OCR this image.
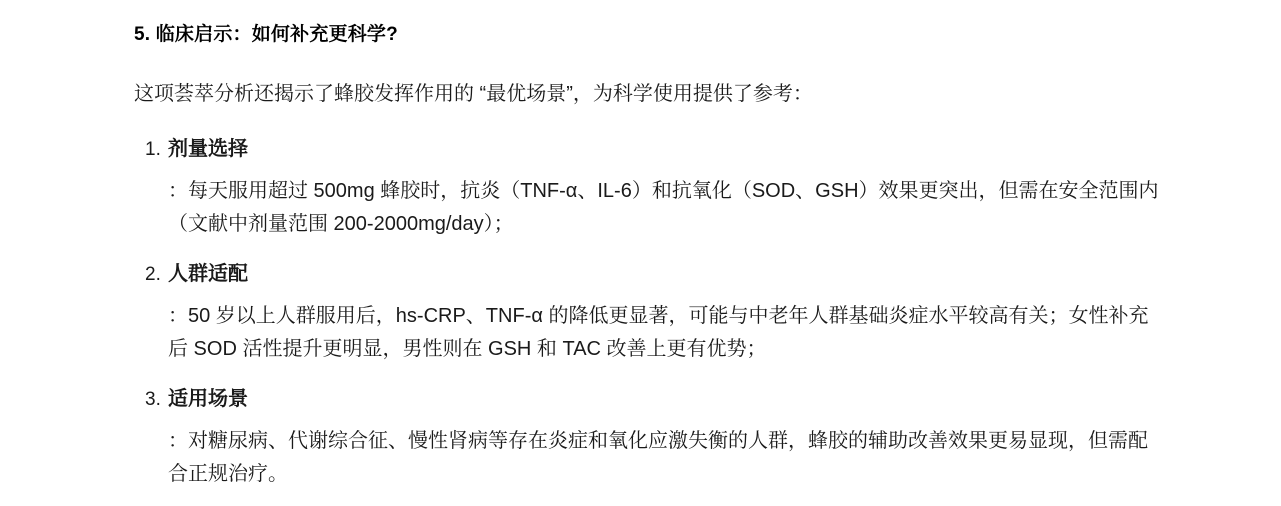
5. 临床启示：如何补充更科学?

这项荟萃分析还揭示了蜂胶发挥作用的 “最优场景”，为科学使用提供了参考：

1. 剂量选择
：每天服用超过 500mg 蜂胶时，抗炎（TNF-α、IL-6）和抗氧化（SOD、GSH）效果更突出，但需在安全范围内（文献中剂量范围 200-2000mg/day）；
2. 人群适配
：50 岁以上人群服用后，hs-CRP、TNF-α 的降低更显著，可能与中老年人群基础炎症水平较高有关；女性补充后 SOD 活性提升更明显，男性则在 GSH 和 TAC 改善上更有优势；
3. 适用场景
：对糖尿病、代谢综合征、慢性肾病等存在炎症和氧化应激失衡的人群，蜂胶的辅助改善效果更易显现，但需配合正规治疗。
